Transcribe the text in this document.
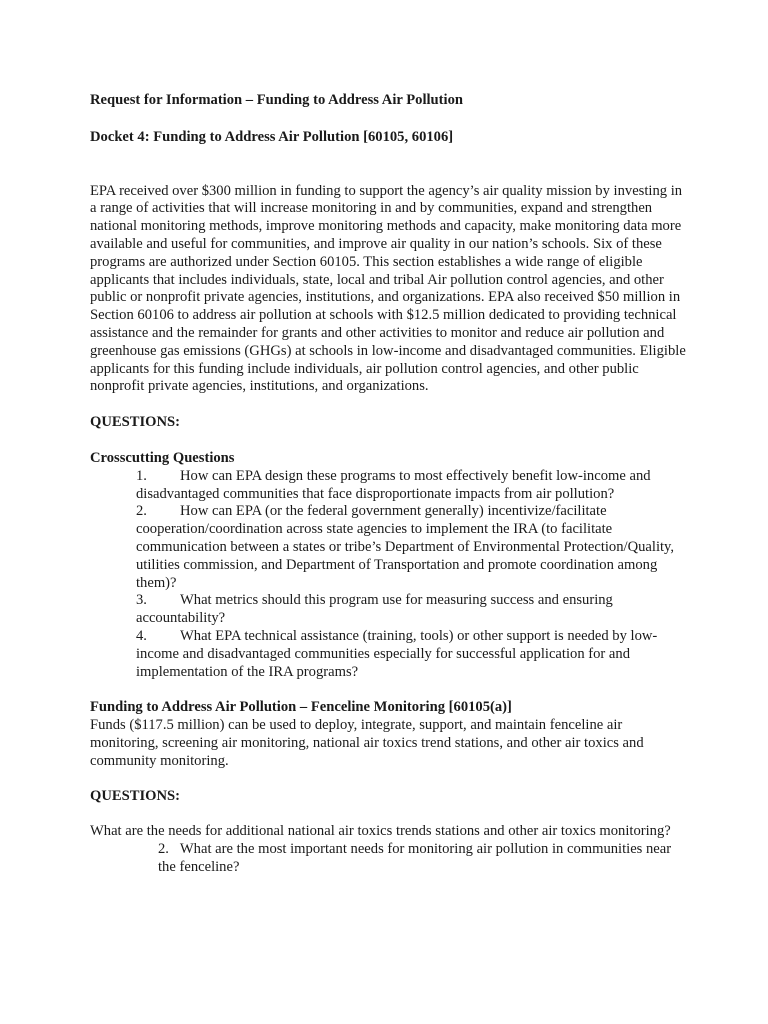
Request for Information – Funding to Address Air Pollution

Docket 4: Funding to Address Air Pollution [60105, 60106]

EPA received over $300 million in funding to support the agency’s air quality mission by investing in a range of activities that will increase monitoring in and by communities, expand and strengthen national monitoring methods, improve monitoring methods and capacity, make monitoring data more available and useful for communities, and improve air quality in our nation’s schools. Six of these programs are authorized under Section 60105. This section establishes a wide range of eligible applicants that includes individuals, state, local and tribal Air pollution control agencies, and other public or nonprofit private agencies, institutions, and organizations. EPA also received $50 million in Section 60106 to address air pollution at schools with $12.5 million dedicated to providing technical assistance and the remainder for grants and other activities to monitor and reduce air pollution and greenhouse gas emissions (GHGs) at schools in low-income and disadvantaged communities. Eligible applicants for this funding include individuals, air pollution control agencies, and other public nonprofit private agencies, institutions, and organizations.

QUESTIONS:

Crosscutting Questions

1. How can EPA design these programs to most effectively benefit low-income and disadvantaged communities that face disproportionate impacts from air pollution?
2. How can EPA (or the federal government generally) incentivize/facilitate cooperation/coordination across state agencies to implement the IRA (to facilitate communication between a states or tribe’s Department of Environmental Protection/Quality, utilities commission, and Department of Transportation and promote coordination among them)?
3. What metrics should this program use for measuring success and ensuring accountability?
4. What EPA technical assistance (training, tools) or other support is needed by low-income and disadvantaged communities especially for successful application for and implementation of the IRA programs?

Funding to Address Air Pollution – Fenceline Monitoring [60105(a)]

Funds ($117.5 million) can be used to deploy, integrate, support, and maintain fenceline air monitoring, screening air monitoring, national air toxics trend stations, and other air toxics and community monitoring.

QUESTIONS:

What are the needs for additional national air toxics trends stations and other air toxics monitoring?

2. What are the most important needs for monitoring air pollution in communities near the fenceline?
